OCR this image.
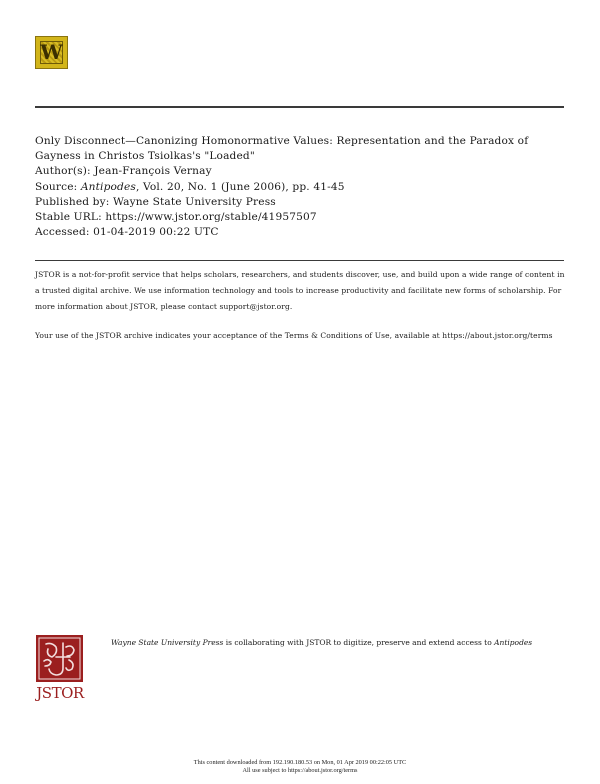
W
Only Disconnect—Canonizing Homonormative Values: Representation and the Paradox of
Gayness in Christos Tsiolkas's "Loaded"
Author(s): Jean-François Vernay
Source: Antipodes, Vol. 20, No. 1 (June 2006), pp. 41-45
Published by: Wayne State University Press
Stable URL: https://www.jstor.org/stable/41957507
Accessed: 01-04-2019 00:22 UTC
JSTOR is a not-for-profit service that helps scholars, researchers, and students discover, use, and build upon a wide range of content in a trusted digital archive. We use information technology and tools to increase productivity and facilitate new forms of scholarship. For more information about JSTOR, please contact support@jstor.org.
Your use of the JSTOR archive indicates your acceptance of the Terms & Conditions of Use, available at https://about.jstor.org/terms
JSTOR
Wayne State University Press is collaborating with JSTOR to digitize, preserve and extend access to Antipodes
This content downloaded from 192.190.180.53 on Mon, 01 Apr 2019 00:22:05 UTC
All use subject to https://about.jstor.org/terms
